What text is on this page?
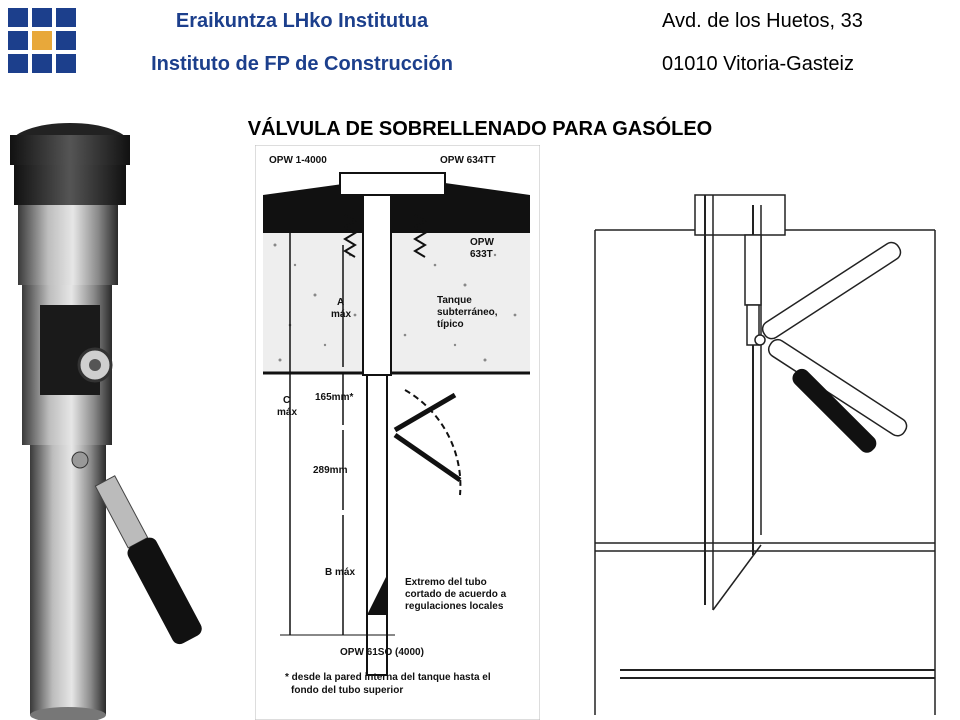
Eraikuntza LHko Institutua
Instituto de FP de Construcción
Avd. de los Huetos, 33
01010 Vitoria-Gasteiz
VÁLVULA DE SOBRELLENADO PARA GASÓLEO
OPW 1-4000	OPW 634TT
OPW
633T
Tanque
subterráneo,
típico
A
máx
C
máx
165mm*
289mm
B máx
Extremo del tubo
cortado de acuerdo a
regulaciones locales
OPW 61SO (4000)
* desde la pared interna del tanque hasta el
fondo del tubo superior
